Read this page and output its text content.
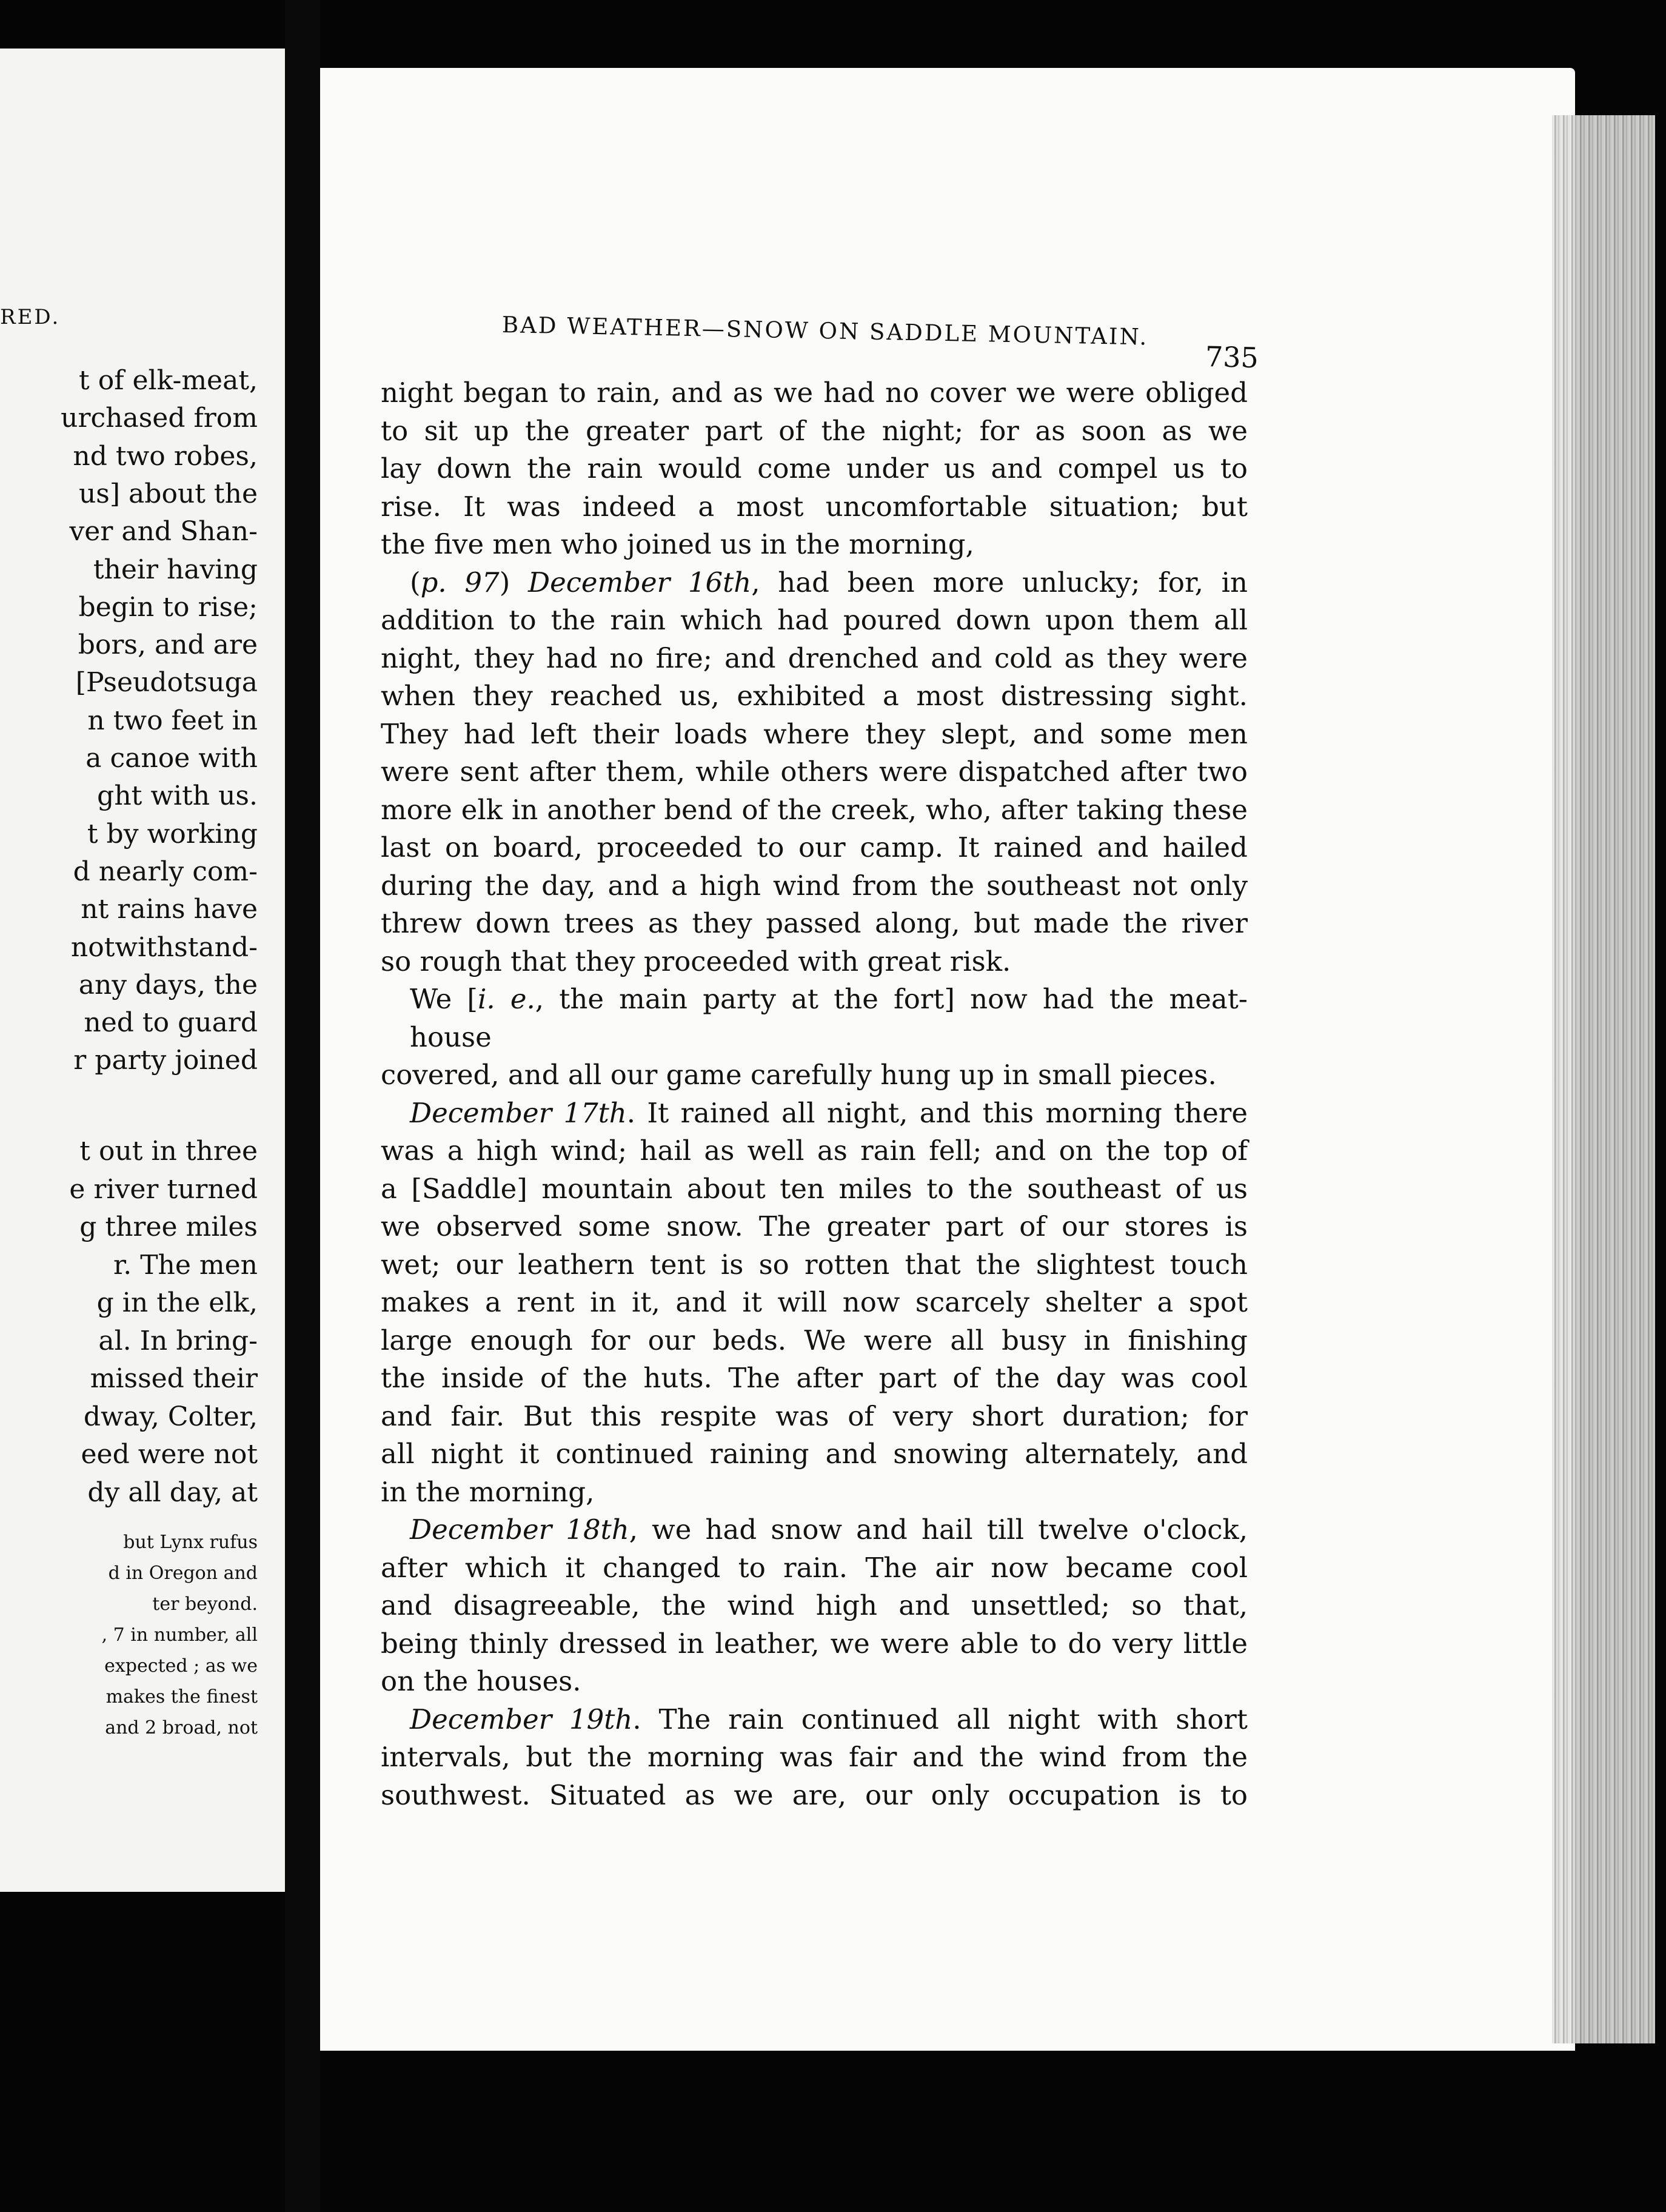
RED.
t of elk-meat,
urchased from
nd two robes,
us] about the
ver and Shan-
their having
begin to rise;
bors, and are
[Pseudotsuga
n two feet in
a canoe with
ght with us.
t by working
d nearly com-
nt rains have
notwithstand-
any days, the
ned to guard
r party joined
t out in three
e river turned
g three miles
r. The men
g in the elk,
al. In bring-
missed their
dway, Colter,
eed were not
dy all day, at
but Lynx rufus
d in Oregon and
ter beyond.
, 7 in number, all
expected ; as we
makes the finest
and 2 broad, not
BAD WEATHER—SNOW ON SADDLE MOUNTAIN.
735
night began to rain, and as we had no cover we were obliged
to sit up the greater part of the night; for as soon as we
lay down the rain would come under us and compel us to
rise. It was indeed a most uncomfortable situation; but
the five men who joined us in the morning,
(p. 97) December 16th, had been more unlucky; for, in
addition to the rain which had poured down upon them all
night, they had no fire; and drenched and cold as they were
when they reached us, exhibited a most distressing sight.
They had left their loads where they slept, and some men
were sent after them, while others were dispatched after two
more elk in another bend of the creek, who, after taking these
last on board, proceeded to our camp. It rained and hailed
during the day, and a high wind from the southeast not only
threw down trees as they passed along, but made the river
so rough that they proceeded with great risk.
We [i. e., the main party at the fort] now had the meat-house
covered, and all our game carefully hung up in small pieces.
December 17th. It rained all night, and this morning there
was a high wind; hail as well as rain fell; and on the top of
a [Saddle] mountain about ten miles to the southeast of us
we observed some snow. The greater part of our stores is
wet; our leathern tent is so rotten that the slightest touch
makes a rent in it, and it will now scarcely shelter a spot
large enough for our beds. We were all busy in finishing
the inside of the huts. The after part of the day was cool
and fair. But this respite was of very short duration; for
all night it continued raining and snowing alternately, and
in the morning,
December 18th, we had snow and hail till twelve o'clock,
after which it changed to rain. The air now became cool
and disagreeable, the wind high and unsettled; so that,
being thinly dressed in leather, we were able to do very little
on the houses.
December 19th. The rain continued all night with short
intervals, but the morning was fair and the wind from the
southwest. Situated as we are, our only occupation is to
